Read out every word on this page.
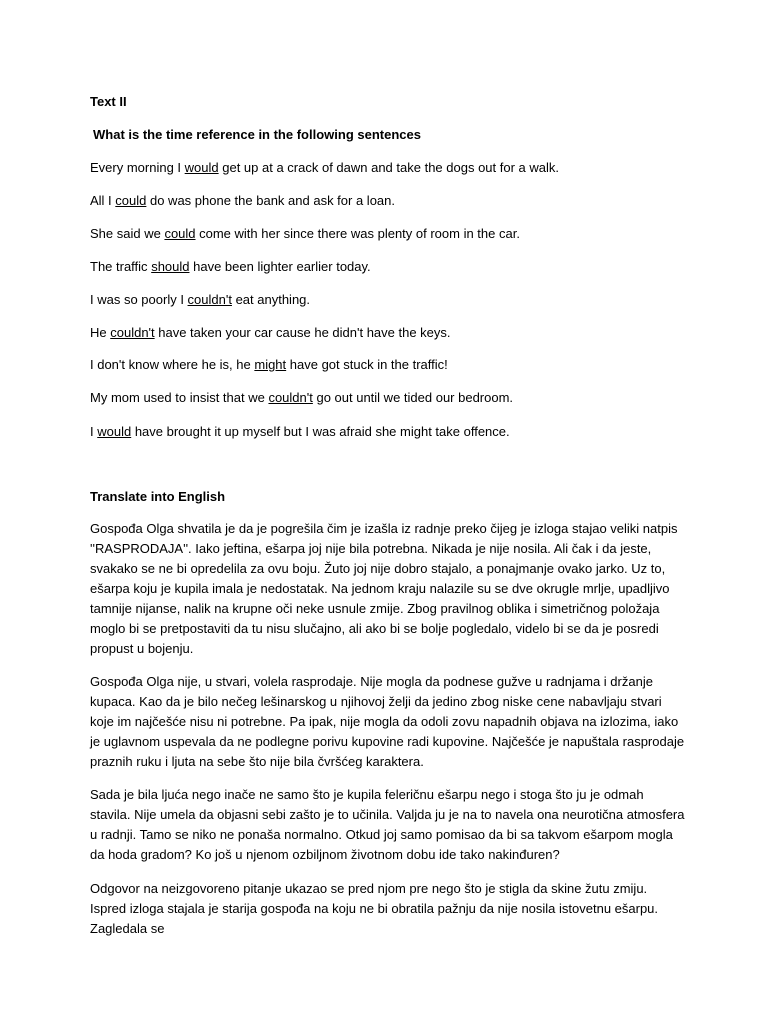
Text II

What is the time reference in the following sentences

Every morning I would get up at a crack of dawn and take the dogs out for a walk.

All I could do was phone the bank and ask for a loan.

She said we could come with her since there was plenty of room in the car.

The traffic should have been lighter earlier today.

I was so poorly I couldn't eat anything.

He couldn't have taken your car cause he didn't have the keys.

I don't know where he is, he might have got stuck in the traffic!

My mom used to insist that we couldn't go out until we tided our bedroom.

I would have brought it up myself but I was afraid she might take offence.

Translate into English

Gospođa Olga shvatila je da je pogrešila čim je izašla iz radnje preko čijeg je izloga stajao veliki natpis ''RASPRODAJA''. Iako jeftina, ešarpa joj nije bila potrebna. Nikada je nije nosila. Ali čak i da jeste, svakako se ne bi opredelila za ovu boju. Žuto joj nije dobro stajalo, a ponajmanje ovako jarko. Uz to, ešarpa koju je kupila imala je nedostatak. Na jednom kraju nalazile su se dve okrugle mrlje, upadljivo tamnije nijanse, nalik na krupne oči neke usnule zmije. Zbog pravilnog oblika i simetričnog položaja moglo bi se pretpostaviti da tu nisu slučajno, ali ako bi se bolje pogledalo, videlo bi se da je posredi propust u bojenju.

Gospođa Olga nije, u stvari, volela rasprodaje. Nije mogla da podnese gužve u radnjama i držanje kupaca. Kao da je bilo nečeg lešinarskog u njihovoj želji da jedino zbog niske cene nabavljaju stvari koje im najčešće nisu ni potrebne. Pa ipak, nije mogla da odoli zovu napadnih objava na izlozima, iako je uglavnom uspevala da ne podlegne porivu kupovine radi kupovine. Najčešće je napuštala rasprodaje praznih ruku i ljuta na sebe što nije bila čvršćeg karaktera.

Sada je bila ljuća nego inače ne samo što je kupila feleričnu ešarpu nego i stoga što ju je odmah stavila. Nije umela da objasni sebi zašto je to učinila. Valjda ju je na to navela ona neurotična atmosfera u radnji. Tamo se niko ne ponaša normalno. Otkud joj samo pomisao da bi sa takvom ešarpom mogla da hoda gradom? Ko još u njenom ozbiljnom životnom dobu ide tako nakinđuren?

Odgovor na neizgovoreno pitanje ukazao se pred njom pre nego što je stigla da skine žutu zmiju. Ispred izloga stajala je starija gospođa na koju ne bi obratila pažnju da nije nosila istovetnu ešarpu. Zagledala se
